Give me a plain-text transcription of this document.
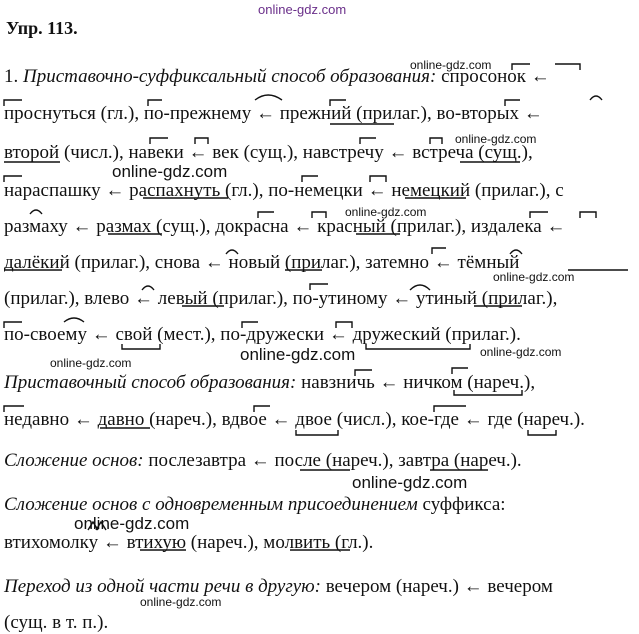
online-gdz.com
Упр. 113.
1. Приставочно-суффиксальный способ образования: спросонок ←
проснуться (гл.), по-прежнему ← прежний (прилаг.), во-вторых ←
второй (числ.), навеки ← век (сущ.), навстречу ← встреча (сущ.),
нараспашку ← распахнуть (гл.), по-немецки ← немецкий (прилаг.), с
размаху ← размах (сущ.), докрасна ← красный (прилаг.), издалека ←
далёкий (прилаг.), снова ← новый (прилаг.), затемно ← тёмный
(прилаг.), влево ← левый (прилаг.), по-утиному ← утиный (прилаг.),
по-своему ← свой (мест.), по-дружески ← дружеский (прилаг.).
Приставочный способ образования: навзничь ← ничком (нареч.),
недавно ← давно (нареч.), вдвое ← двое (числ.), кое-где ← где (нареч.).
Сложение основ: послезавтра ← после (нареч.), завтра (нареч.).
Сложение основ с одновременным присоединением суффикса:
втихомолку ← втихую (нареч.), молвить (гл.).
Переход из одной части речи в другую: вечером (нареч.) ← вечером
(сущ. в т. п.).
online-gdz.com
online-gdz.com
online-gdz.com
online-gdz.com
online-gdz.com
online-gdz.com	online-gdz.com	online-gdz.com
online-gdz.com
online-gdz.com
online-gdz.com
